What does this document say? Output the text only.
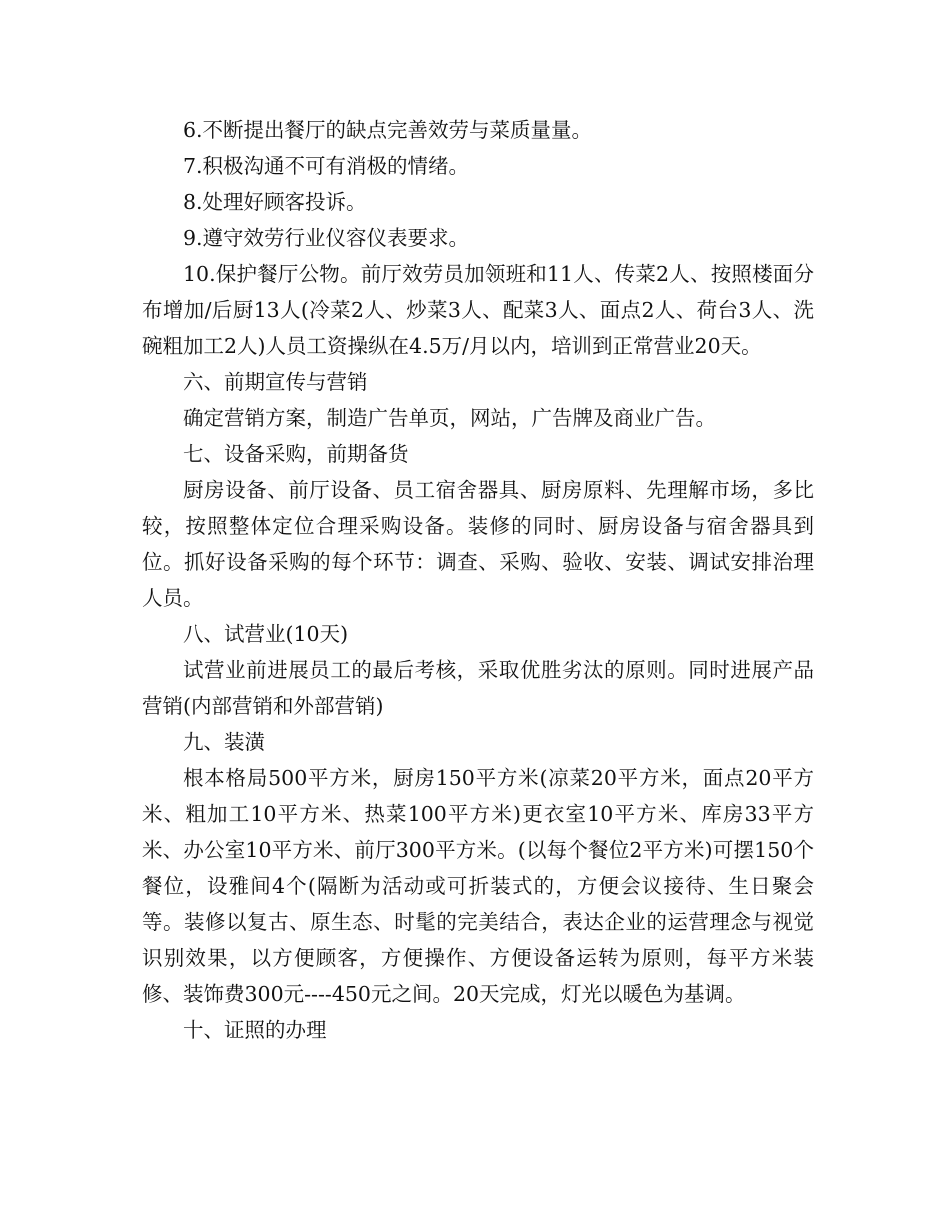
6.不断提出餐厅的缺点完善效劳与菜质量量。

7.积极沟通不可有消极的情绪。

8.处理好顾客投诉。

9.遵守效劳行业仪容仪表要求。

10.保护餐厅公物。前厅效劳员加领班和11人、传菜2人、按照楼面分布增加/后厨13人(冷菜2人、炒菜3人、配菜3人、面点2人、荷台3人、洗碗粗加工2人)人员工资操纵在4.5万/月以内，培训到正常营业20天。

六、前期宣传与营销

确定营销方案，制造广告单页，网站，广告牌及商业广告。

七、设备采购，前期备货

厨房设备、前厅设备、员工宿舍器具、厨房原料、先理解市场，多比较，按照整体定位合理采购设备。装修的同时、厨房设备与宿舍器具到位。抓好设备采购的每个环节：调查、采购、验收、安装、调试安排治理人员。

八、试营业(10天)

试营业前进展员工的最后考核，采取优胜劣汰的原则。同时进展产品营销(内部营销和外部营销)

九、装潢

根本格局500平方米，厨房150平方米(凉菜20平方米，面点20平方米、粗加工10平方米、热菜100平方米)更衣室10平方米、库房33平方米、办公室10平方米、前厅300平方米。(以每个餐位2平方米)可摆150个餐位，设雅间4个(隔断为活动或可折装式的，方便会议接待、生日聚会等。装修以复古、原生态、时髦的完美结合，表达企业的运营理念与视觉识别效果，以方便顾客，方便操作、方便设备运转为原则，每平方米装修、装饰费300元----450元之间。20天完成，灯光以暖色为基调。

十、证照的办理
